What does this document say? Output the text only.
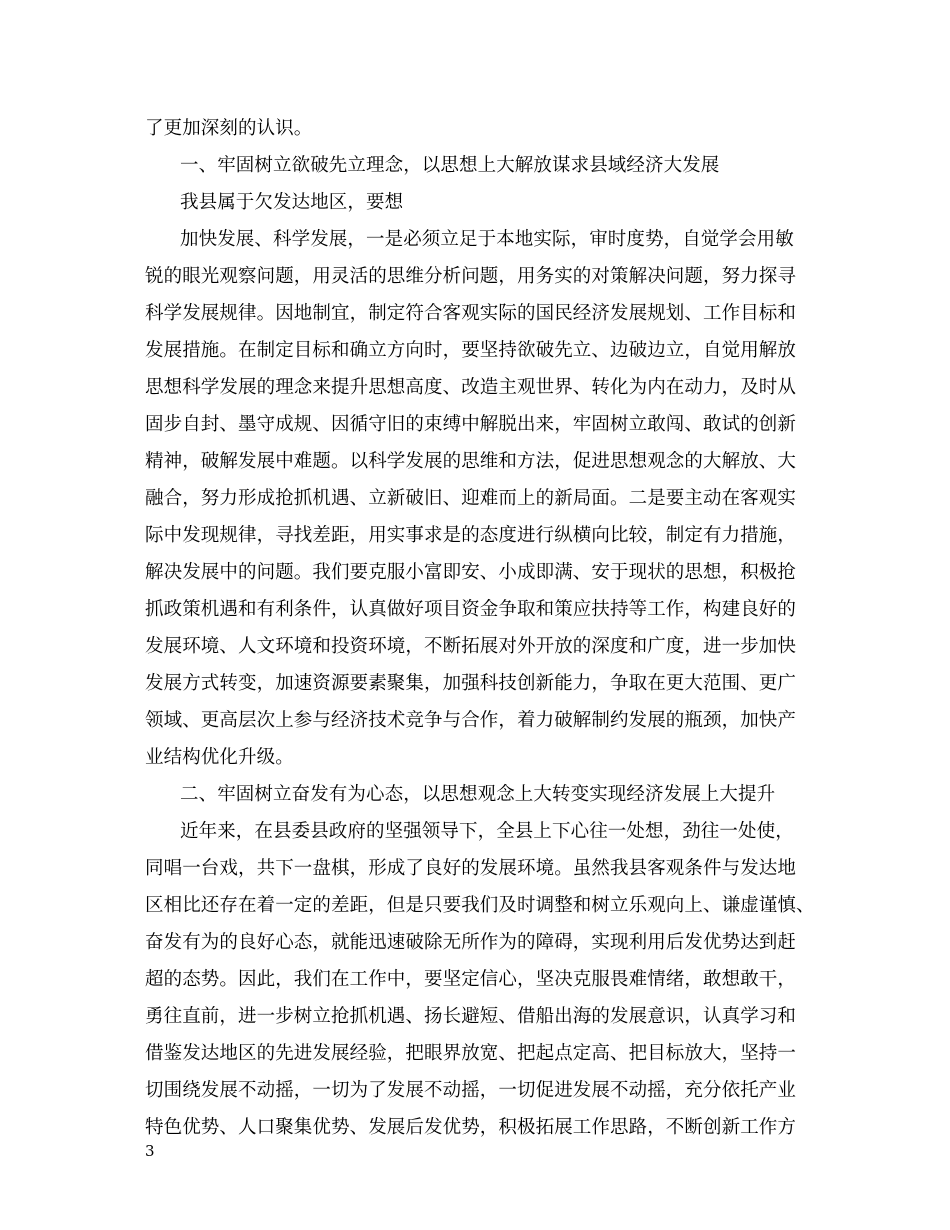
了更加深刻的认识。
一、牢固树立欲破先立理念，以思想上大解放谋求县域经济大发展
我县属于欠发达地区，要想
加快发展、科学发展，一是必须立足于本地实际，审时度势，自觉学会用敏
锐的眼光观察问题，用灵活的思维分析问题，用务实的对策解决问题，努力探寻
科学发展规律。因地制宜，制定符合客观实际的国民经济发展规划、工作目标和
发展措施。在制定目标和确立方向时，要坚持欲破先立、边破边立，自觉用解放
思想科学发展的理念来提升思想高度、改造主观世界、转化为内在动力，及时从
固步自封、墨守成规、因循守旧的束缚中解脱出来，牢固树立敢闯、敢试的创新
精神，破解发展中难题。以科学发展的思维和方法，促进思想观念的大解放、大
融合，努力形成抢抓机遇、立新破旧、迎难而上的新局面。二是要主动在客观实
际中发现规律，寻找差距，用实事求是的态度进行纵横向比较，制定有力措施，
解决发展中的问题。我们要克服小富即安、小成即满、安于现状的思想，积极抢
抓政策机遇和有利条件，认真做好项目资金争取和策应扶持等工作，构建良好的
发展环境、人文环境和投资环境，不断拓展对外开放的深度和广度，进一步加快
发展方式转变，加速资源要素聚集，加强科技创新能力，争取在更大范围、更广
领域、更高层次上参与经济技术竞争与合作，着力破解制约发展的瓶颈，加快产
业结构优化升级。
二、牢固树立奋发有为心态，以思想观念上大转变实现经济发展上大提升
近年来，在县委县政府的坚强领导下，全县上下心往一处想，劲往一处使，
同唱一台戏，共下一盘棋，形成了良好的发展环境。虽然我县客观条件与发达地
区相比还存在着一定的差距，但是只要我们及时调整和树立乐观向上、谦虚谨慎、
奋发有为的良好心态，就能迅速破除无所作为的障碍，实现利用后发优势达到赶
超的态势。因此，我们在工作中，要坚定信心，坚决克服畏难情绪，敢想敢干，
勇往直前，进一步树立抢抓机遇、扬长避短、借船出海的发展意识，认真学习和
借鉴发达地区的先进发展经验，把眼界放宽、把起点定高、把目标放大，坚持一
切围绕发展不动摇，一切为了发展不动摇，一切促进发展不动摇，充分依托产业
特色优势、人口聚集优势、发展后发优势，积极拓展工作思路，不断创新工作方
3
